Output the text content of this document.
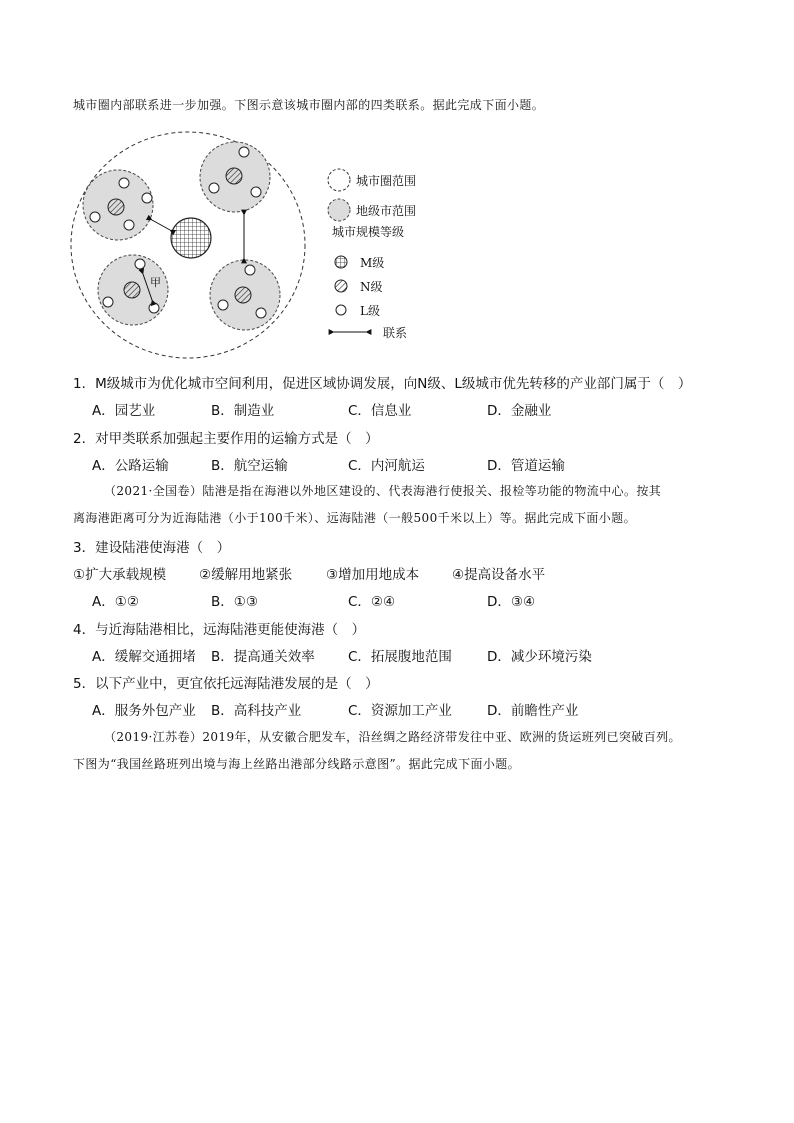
城市圈内部联系进一步加强。下图示意该城市圈内部的四类联系。据此完成下面小题。
甲
城市圈范围
地级市范围
城市规模等级
M级
N级
L级
联系
1．M级城市为优化城市空间利用，促进区域协调发展，向N级、L级城市优先转移的产业部门属于（　）
A．园艺业	B．制造业	C．信息业	D．金融业
2．对甲类联系加强起主要作用的运输方式是（　）
A．公路运输	B．航空运输	C．内河航运	D．管道运输
（2021·全国卷）陆港是指在海港以外地区建设的、代表海港行使报关、报检等功能的物流中心。按其
离海港距离可分为近海陆港（小于100千米）、远海陆港（一般500千米以上）等。据此完成下面小题。
3．建设陆港使海港（　）
①扩大承载规模 ②缓解用地紧张	③增加用地成本 ④提高设备水平
A．①②	B．①③	C．②④	D．③④
4．与近海陆港相比，远海陆港更能使海港（　）
A．缓解交通拥堵 B．提高通关效率 C．拓展腹地范围	D．减少环境污染
5．以下产业中，更宜依托远海陆港发展的是（　）
A．服务外包产业 B．高科技产业	C．资源加工产业	D．前瞻性产业
（2019·江苏卷）2019年，从安徽合肥发车，沿丝绸之路经济带发往中亚、欧洲的货运班列已突破百列。
下图为“我国丝路班列出境与海上丝路出港部分线路示意图”。据此完成下面小题。
